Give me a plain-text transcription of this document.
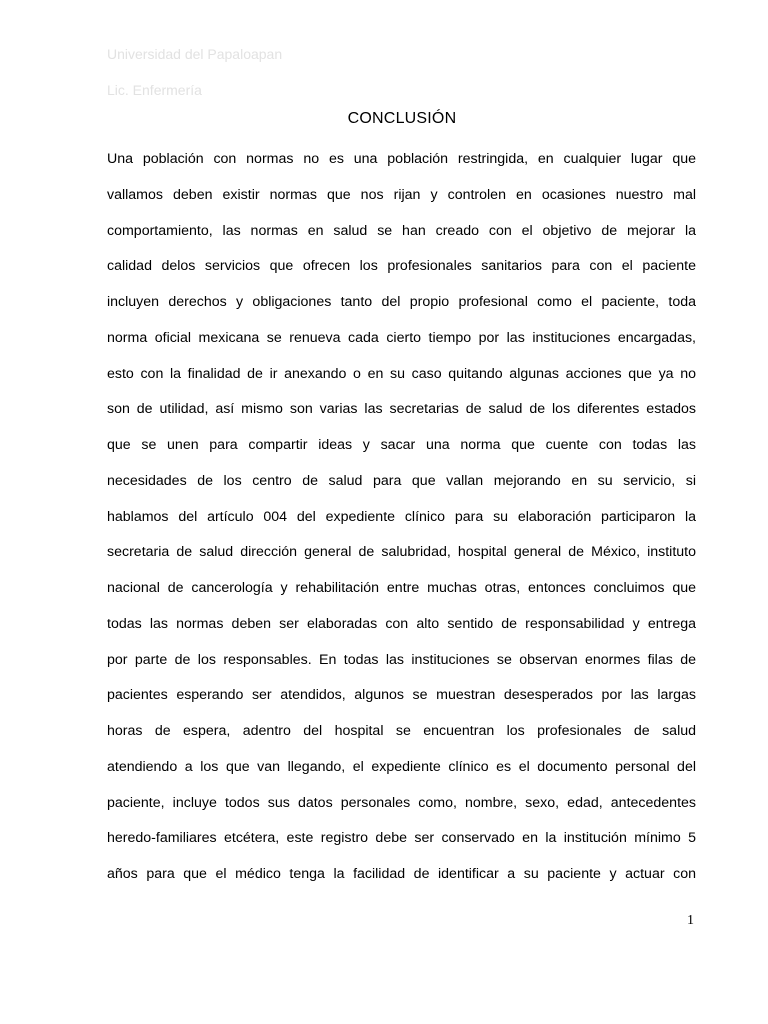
Universidad del Papaloapan
Lic. Enfermería
CONCLUSIÓN
Una población con normas no es una población restringida, en cualquier lugar que
vallamos deben existir normas que nos rijan y controlen en ocasiones nuestro mal
comportamiento, las normas en salud se han creado con el objetivo de mejorar la
calidad delos servicios que ofrecen los profesionales sanitarios para con el paciente
incluyen derechos y obligaciones tanto del propio profesional como el paciente, toda
norma oficial mexicana se renueva cada cierto tiempo por las instituciones encargadas,
esto con la finalidad de ir anexando o en su caso quitando algunas acciones que ya no
son de utilidad, así mismo son varias las secretarias de salud de los diferentes estados
que se unen para compartir ideas y sacar una norma que cuente con todas las
necesidades de los centro de salud para que vallan mejorando en su servicio, si
hablamos del artículo 004 del expediente clínico para su elaboración participaron la
secretaria de salud dirección general de salubridad, hospital general de México, instituto
nacional de cancerología y rehabilitación entre muchas otras, entonces concluimos que
todas las normas deben ser elaboradas con alto sentido de responsabilidad y entrega
por parte de los responsables. En todas las instituciones se observan enormes filas de
pacientes esperando ser atendidos, algunos se muestran desesperados por las largas
horas de espera, adentro del hospital se encuentran los profesionales de salud
atendiendo a los que van llegando, el expediente clínico es el documento personal del
paciente, incluye todos sus datos personales como, nombre, sexo, edad, antecedentes
heredo-familiares etcétera, este registro debe ser conservado en la institución mínimo 5
años para que el médico tenga la facilidad de identificar a su paciente y actuar con
1
